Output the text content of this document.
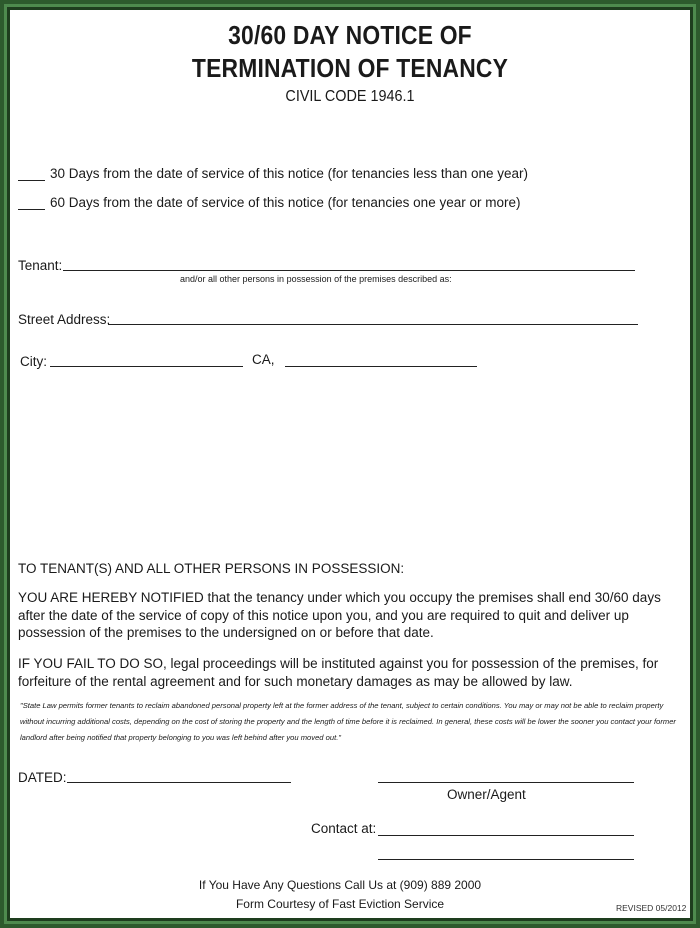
30/60 DAY NOTICE OF
TERMINATION OF TENANCY
CIVIL CODE 1946.1
30 Days from the date of service of this notice (for tenancies less than one year)
60 Days from the date of service of this notice (for tenancies one year or more)
Tenant:
and/or all other persons in possession of the premises described as:
Street Address:
City:	CA,
TO TENANT(S) AND ALL OTHER PERSONS IN POSSESSION:
YOU ARE HEREBY NOTIFIED that the tenancy under which you occupy the premises shall end 30/60 days after the date of the service of copy of this notice upon you, and you are required to quit and deliver up possession of the premises to the undersigned on or before that date.
IF YOU FAIL TO DO SO, legal proceedings will be instituted against you for possession of the premises, for forfeiture of the rental agreement and for such monetary damages as may be allowed by law.
"State Law permits former tenants to reclaim abandoned personal property left at the former address of the tenant, subject to certain conditions. You may or may not be able to reclaim property without incurring additional costs, depending on the cost of storing the property and the length of time before it is reclaimed. In general, these costs will be lower the sooner you contact your former landlord after being notified that property belonging to you was left behind after you moved out."
DATED:
Owner/Agent
Contact at:
If You Have Any Questions Call Us at (909) 889 2000
Form Courtesy of Fast Eviction Service	REVISED 05/2012
